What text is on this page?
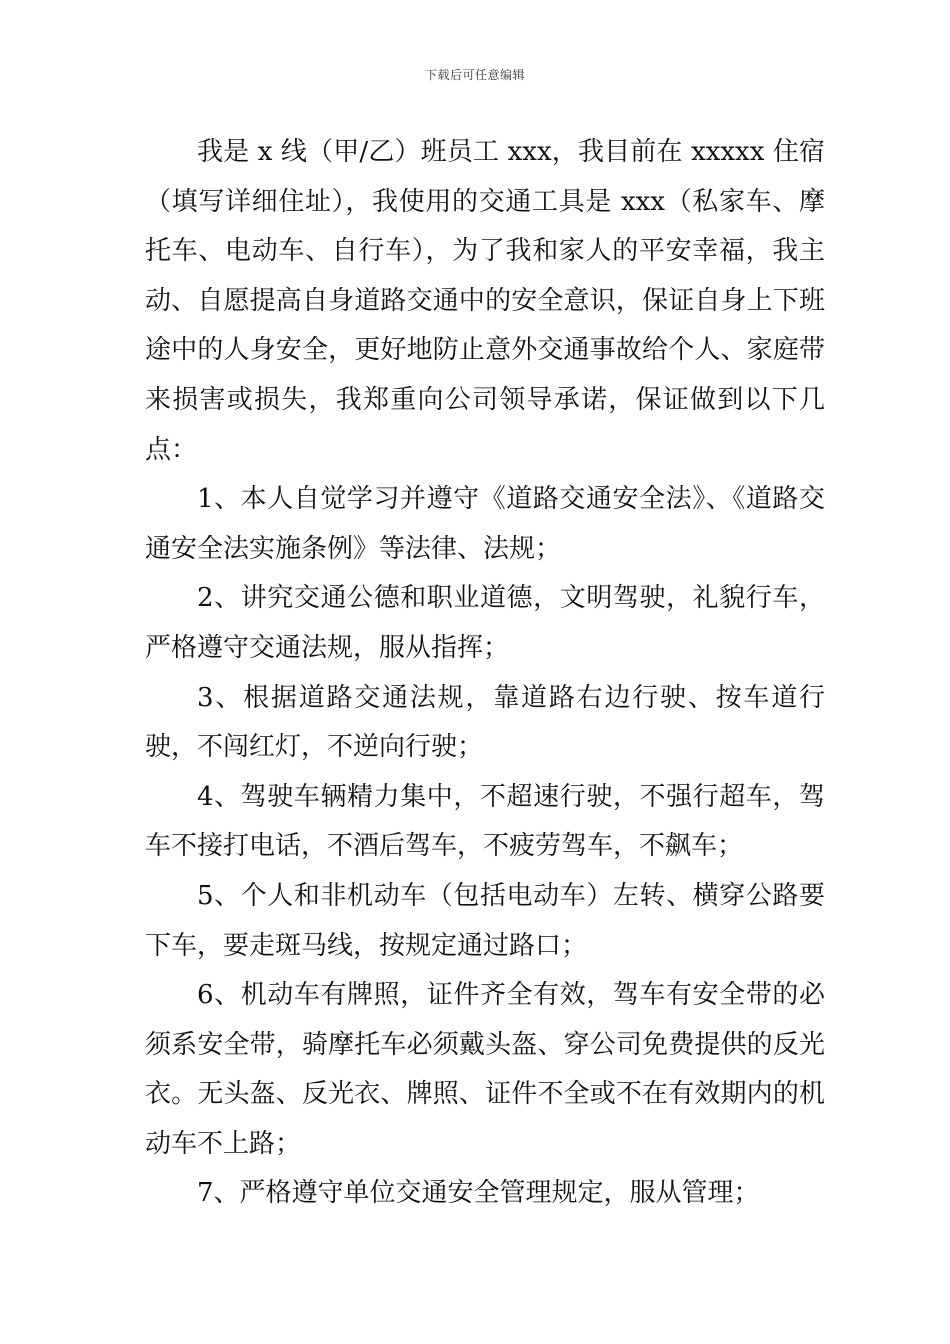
下载后可任意编辑

我是 x 线（甲/乙）班员工 xxx，我目前在 xxxxx 住宿（填写详细住址），我使用的交通工具是 xxx（私家车、摩托车、电动车、自行车），为了我和家人的平安幸福，我主动、自愿提高自身道路交通中的安全意识，保证自身上下班途中的人身安全，更好地防止意外交通事故给个人、家庭带来损害或损失，我郑重向公司领导承诺，保证做到以下几点：

1、本人自觉学习并遵守《道路交通安全法》、《道路交通安全法实施条例》等法律、法规；

2、讲究交通公德和职业道德，文明驾驶，礼貌行车，严格遵守交通法规，服从指挥；

3、根据道路交通法规，靠道路右边行驶、按车道行驶，不闯红灯，不逆向行驶；

4、驾驶车辆精力集中，不超速行驶，不强行超车，驾车不接打电话，不酒后驾车，不疲劳驾车，不飙车；

5、个人和非机动车（包括电动车）左转、横穿公路要下车，要走斑马线，按规定通过路口；

6、机动车有牌照，证件齐全有效，驾车有安全带的必须系安全带，骑摩托车必须戴头盔、穿公司免费提供的反光衣。无头盔、反光衣、牌照、证件不全或不在有效期内的机动车不上路；

7、严格遵守单位交通安全管理规定，服从管理；
